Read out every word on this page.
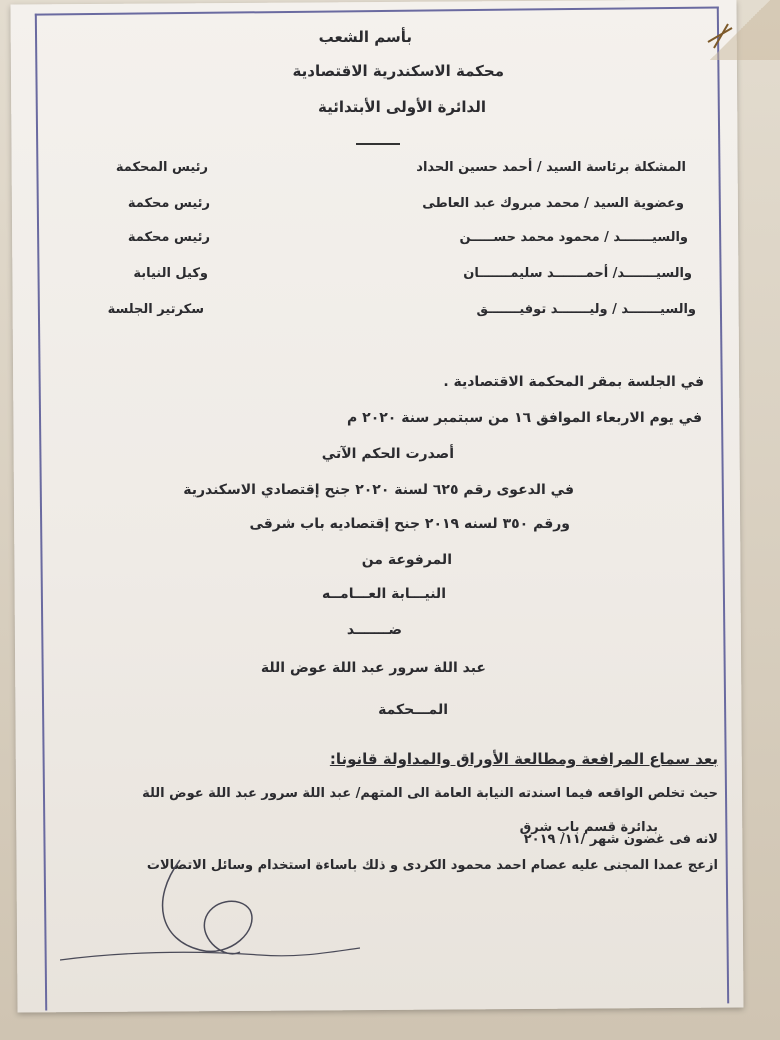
بأسم الشعب
محكمة الاسكندرية الاقتصادية
الدائرة الأولى الأبتدائية
المشكلة برئاسة السيد / أحمد حسين الحداد
رئيس المحكمة
وعضوية السيد / محمد مبروك عبد العاطى
رئيس محكمة
والسيـــــــد / محمود محمد حســـــن
رئيس محكمة
والسيـــــــد/ أحمـــــــد سليمـــــــان
وكيل النيابة
والسيـــــــد / وليـــــــد توفيـــــــق
سكرتير الجلسة
في الجلسة بمقر المحكمة الاقتصادية .
في يوم الاربعاء الموافق ١٦ من سبتمبر سنة ٢٠٢٠ م
أصدرت الحكم الآتي
في الدعوى رقم ٦٢٥ لسنة ٢٠٢٠ جنح إقتصادي الاسكندرية
ورقم ٣٥٠ لسنه ٢٠١٩ جنح إقتصاديه باب شرقى
المرفوعة من
النيـــابة العـــامــه
ضـــــــد
عبد اللة سرور عبد اللة عوض اللة
المـــحكمة
بعد سماع المرافعة ومطالعة الأوراق والمداولة قانونا:
حيث تخلص الواقعه فيما اسندته النيابة العامة الى المتهم/ عبد اللة سرور عبد اللة عوض اللة
بدائرة قسم باب شرق
لانه فى غضون شهر /١١/ ٢٠١٩
ازعج عمدا المجنى عليه عصام احمد محمود الكردى و ذلك باساءة استخدام وسائل الاتصالات
